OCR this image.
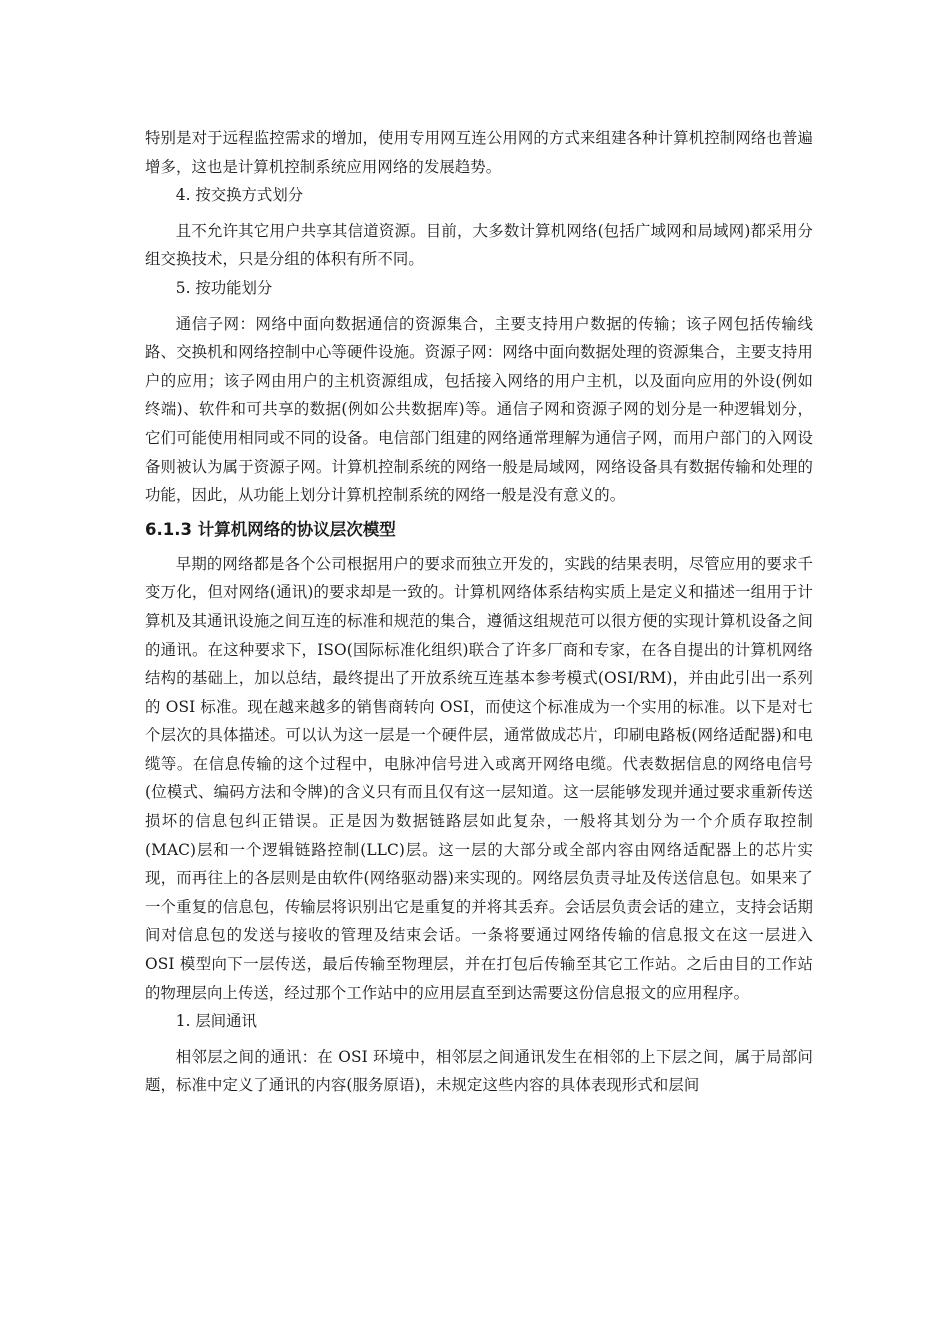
特别是对于远程监控需求的增加，使用专用网互连公用网的方式来组建各种计算机控制网络也普遍增多，这也是计算机控制系统应用网络的发展趋势。

4. 按交换方式划分

且不允许其它用户共享其信道资源。目前，大多数计算机网络(包括广域网和局域网)都采用分组交换技术，只是分组的体积有所不同。

5. 按功能划分

通信子网：网络中面向数据通信的资源集合，主要支持用户数据的传输；该子网包括传输线路、交换机和网络控制中心等硬件设施。资源子网：网络中面向数据处理的资源集合，主要支持用户的应用；该子网由用户的主机资源组成，包括接入网络的用户主机，以及面向应用的外设(例如终端)、软件和可共享的数据(例如公共数据库)等。通信子网和资源子网的划分是一种逻辑划分，它们可能使用相同或不同的设备。电信部门组建的网络通常理解为通信子网，而用户部门的入网设备则被认为属于资源子网。计算机控制系统的网络一般是局域网，网络设备具有数据传输和处理的功能，因此，从功能上划分计算机控制系统的网络一般是没有意义的。

6.1.3 计算机网络的协议层次模型

早期的网络都是各个公司根据用户的要求而独立开发的，实践的结果表明，尽管应用的要求千变万化，但对网络(通讯)的要求却是一致的。计算机网络体系结构实质上是定义和描述一组用于计算机及其通讯设施之间互连的标准和规范的集合，遵循这组规范可以很方便的实现计算机设备之间的通讯。在这种要求下，ISO(国际标准化组织)联合了许多厂商和专家，在各自提出的计算机网络结构的基础上，加以总结，最终提出了开放系统互连基本参考模式(OSI/RM)，并由此引出一系列的 OSI 标准。现在越来越多的销售商转向 OSI，而使这个标准成为一个实用的标准。以下是对七个层次的具体描述。可以认为这一层是一个硬件层，通常做成芯片，印刷电路板(网络适配器)和电缆等。在信息传输的这个过程中，电脉冲信号进入或离开网络电缆。代表数据信息的网络电信号(位模式、编码方法和令牌)的含义只有而且仅有这一层知道。这一层能够发现并通过要求重新传送损坏的信息包纠正错误。正是因为数据链路层如此复杂，一般将其划分为一个介质存取控制(MAC)层和一个逻辑链路控制(LLC)层。这一层的大部分或全部内容由网络适配器上的芯片实现，而再往上的各层则是由软件(网络驱动器)来实现的。网络层负责寻址及传送信息包。如果来了一个重复的信息包，传输层将识别出它是重复的并将其丢弃。会话层负责会话的建立，支持会话期间对信息包的发送与接收的管理及结束会话。一条将要通过网络传输的信息报文在这一层进入 OSI 模型向下一层传送，最后传输至物理层，并在打包后传输至其它工作站。之后由目的工作站的物理层向上传送，经过那个工作站中的应用层直至到达需要这份信息报文的应用程序。

1. 层间通讯

相邻层之间的通讯：在 OSI 环境中，相邻层之间通讯发生在相邻的上下层之间，属于局部问题，标准中定义了通讯的内容(服务原语)，未规定这些内容的具体表现形式和层间
